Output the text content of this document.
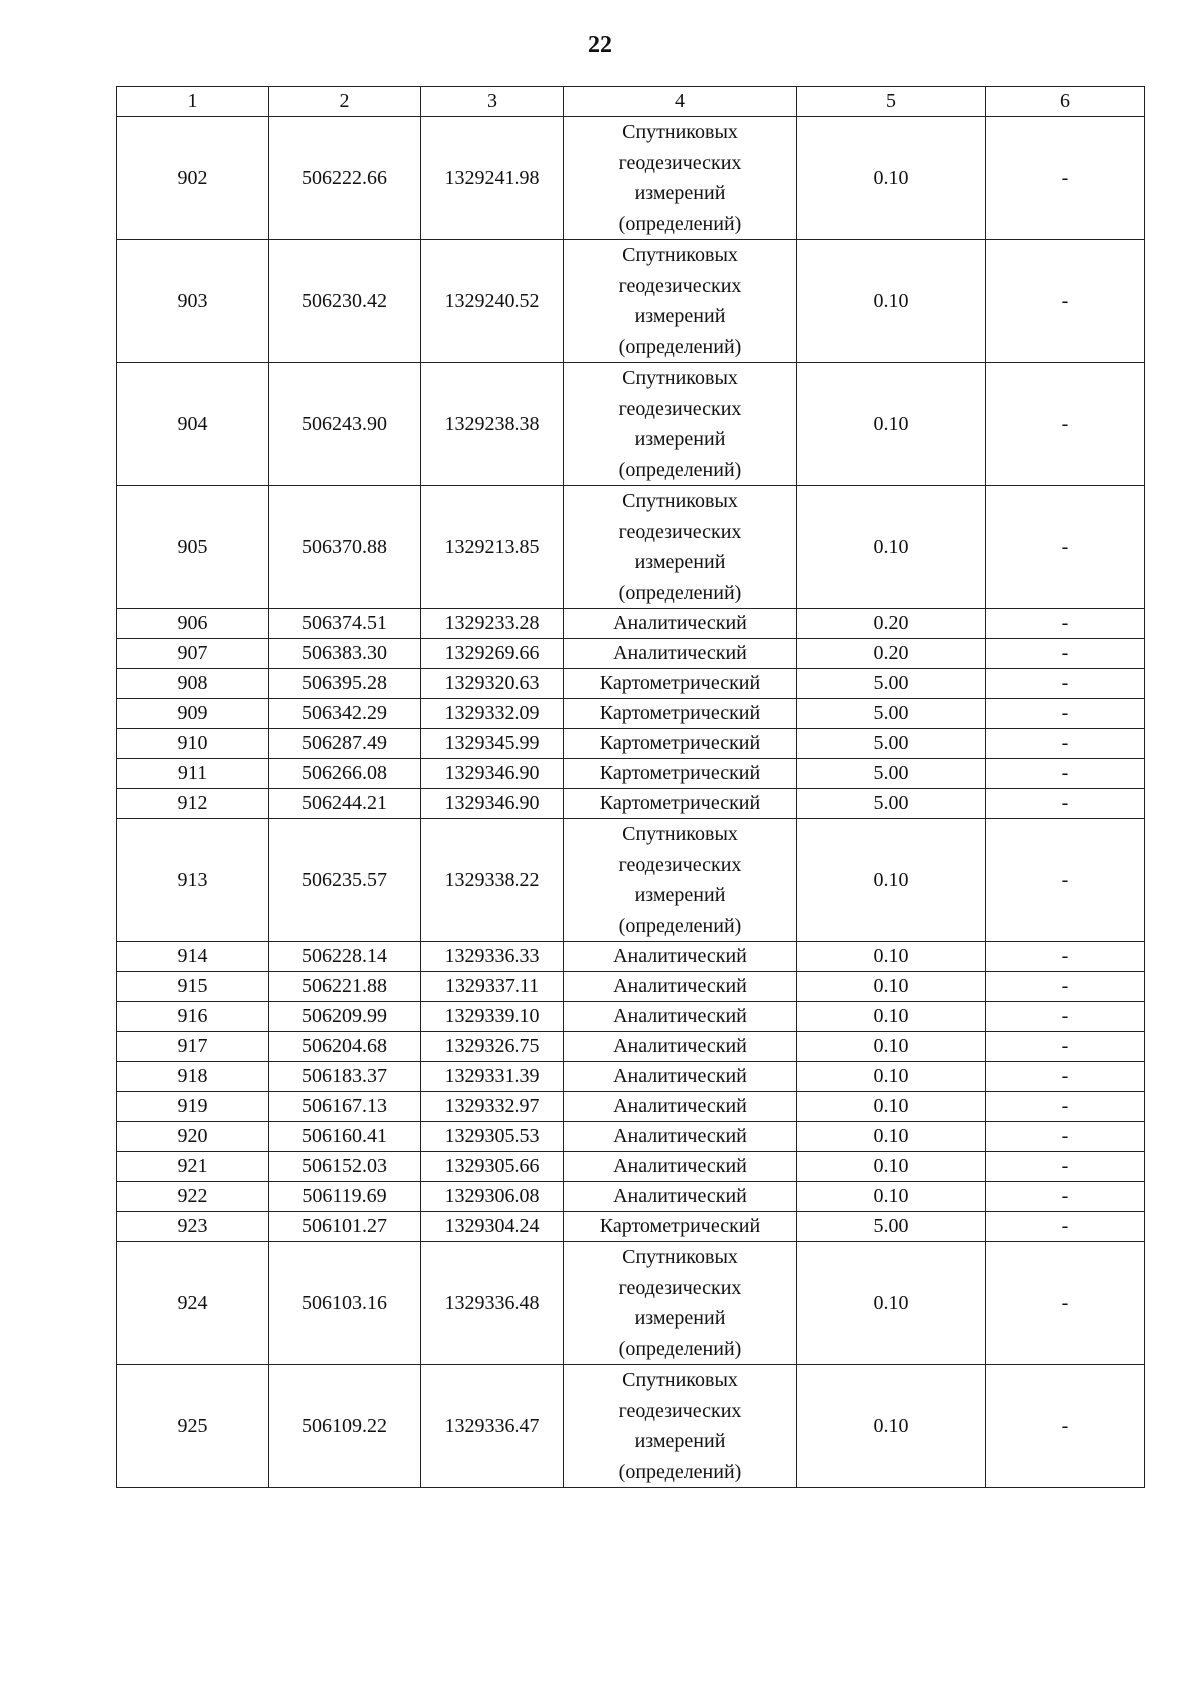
22
1	2	3	4	5	6
902	506222.66	1329241.98	Спутниковых
геодезических
измерений
(определений)	0.10	-
903	506230.42	1329240.52	Спутниковых
геодезических
измерений
(определений)	0.10	-
904	506243.90	1329238.38	Спутниковых
геодезических
измерений
(определений)	0.10	-
905	506370.88	1329213.85	Спутниковых
геодезических
измерений
(определений)	0.10	-
906	506374.51	1329233.28	Аналитический	0.20	-
907	506383.30	1329269.66	Аналитический	0.20	-
908	506395.28	1329320.63	Картометрический	5.00	-
909	506342.29	1329332.09	Картометрический	5.00	-
910	506287.49	1329345.99	Картометрический	5.00	-
911	506266.08	1329346.90	Картометрический	5.00	-
912	506244.21	1329346.90	Картометрический	5.00	-
913	506235.57	1329338.22	Спутниковых
геодезических
измерений
(определений)	0.10	-
914	506228.14	1329336.33	Аналитический	0.10	-
915	506221.88	1329337.11	Аналитический	0.10	-
916	506209.99	1329339.10	Аналитический	0.10	-
917	506204.68	1329326.75	Аналитический	0.10	-
918	506183.37	1329331.39	Аналитический	0.10	-
919	506167.13	1329332.97	Аналитический	0.10	-
920	506160.41	1329305.53	Аналитический	0.10	-
921	506152.03	1329305.66	Аналитический	0.10	-
922	506119.69	1329306.08	Аналитический	0.10	-
923	506101.27	1329304.24	Картометрический	5.00	-
924	506103.16	1329336.48	Спутниковых
геодезических
измерений
(определений)	0.10	-
925	506109.22	1329336.47	Спутниковых
геодезических
измерений
(определений)	0.10	-
